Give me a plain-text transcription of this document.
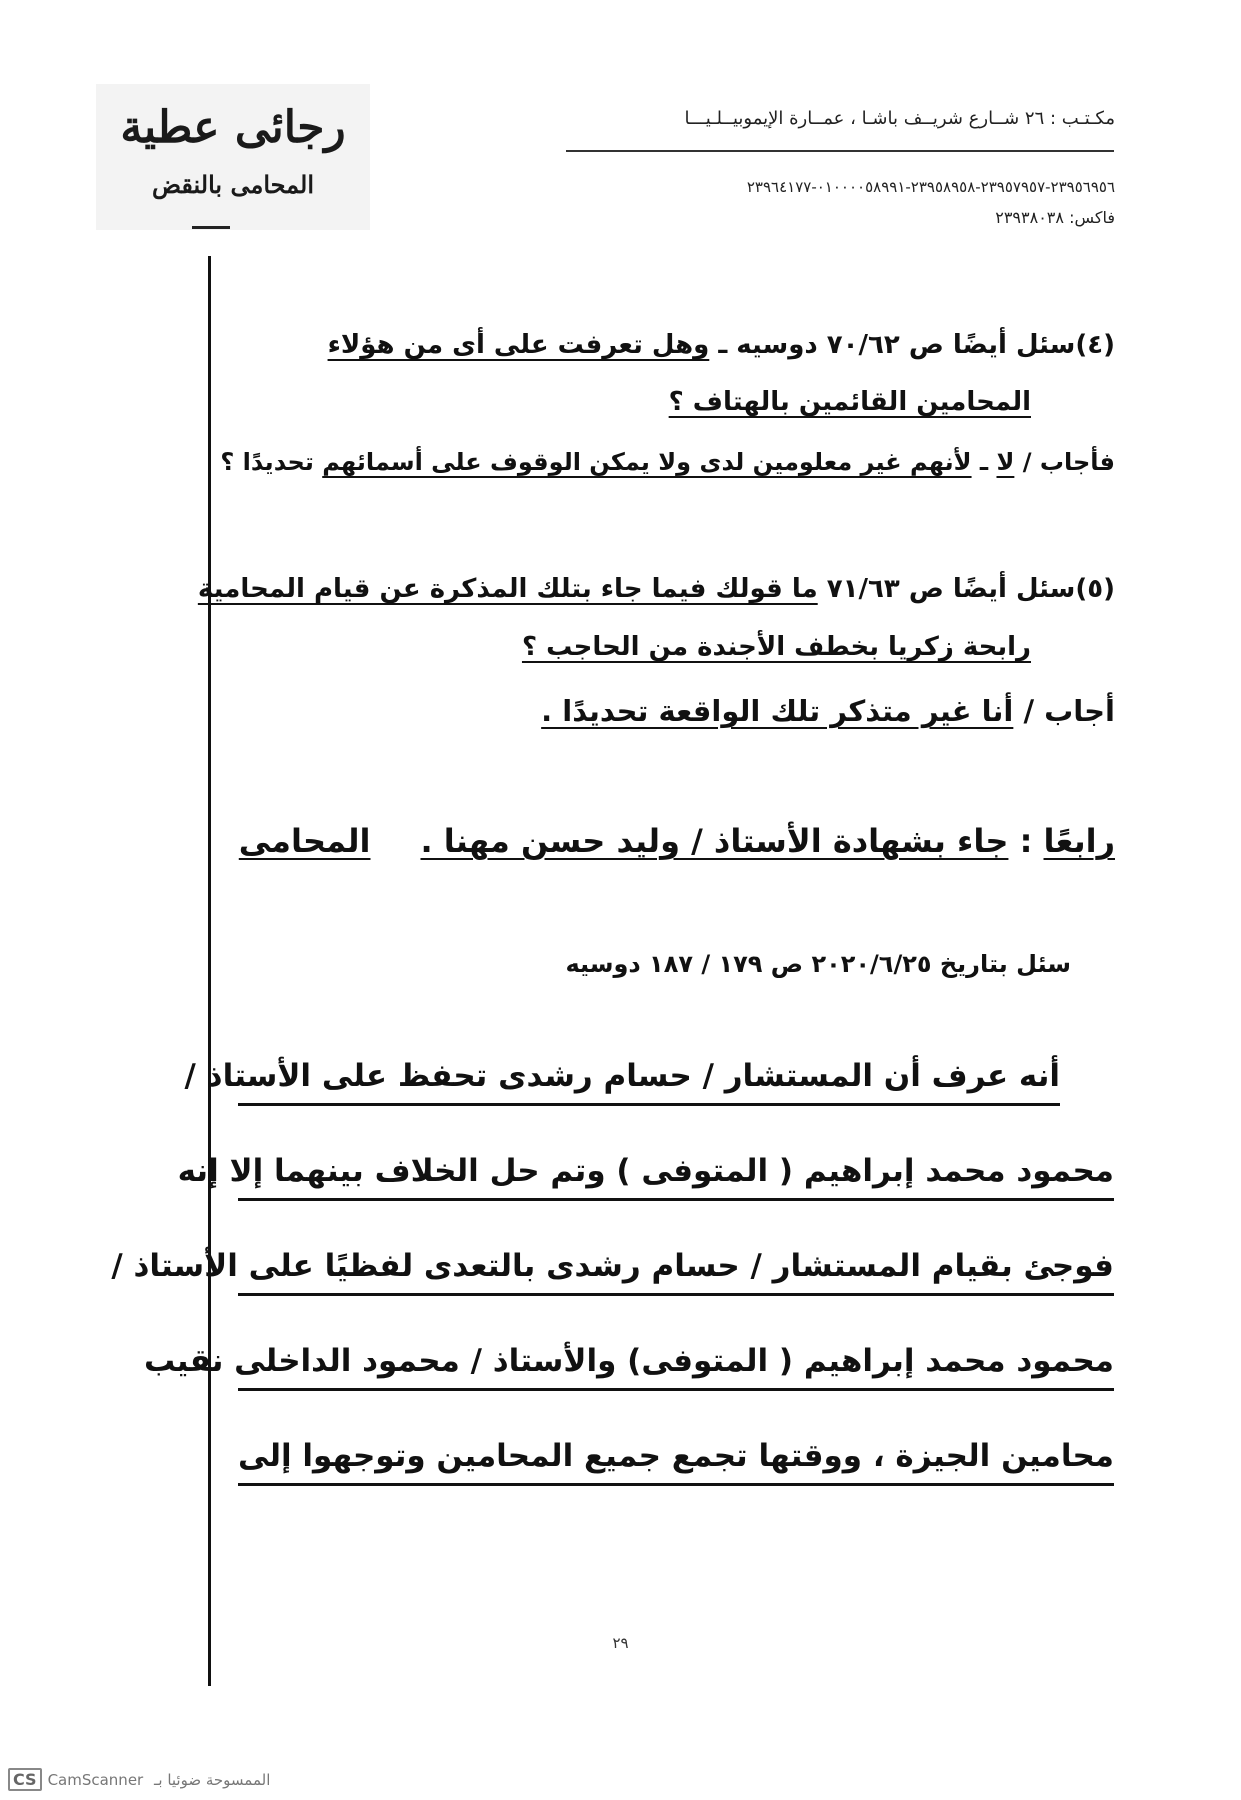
رجائى عطية
المحامى بالنقض
مكـتـب : ٢٦ شــارع شريــف باشـا ، عمــارة الإيموبيــلـيـــا
٢٣٩٥٦٩٥٦-٢٣٩٥٧٩٥٧-٢٣٩٥٨٩٥٨-٠١٠٠٠٠٥٨٩٩١-٢٣٩٦٤١٧٧
فاكس: ٢٣٩٣٨٠٣٨
(٤)سئل أيضًا ص ٧٠/٦٢ دوسيه ـ وهل تعرفت على أى من هؤلاء
المحامين القائمين بالهتاف ؟
فأجاب / لا ـ لأنهم غير معلومين لدى ولا يمكن الوقوف على أسمائهم تحديدًا ؟
(٥)سئل أيضًا ص ٧١/٦٣ ما قولك فيما جاء بتلك المذكرة عن قيام المحامية
رابحة زكريا بخطف الأجندة من الحاجب ؟
أجاب / أنا غير متذكر تلك الواقعة تحديدًا .
رابعًا : جاء بشهادة الأستاذ / وليد حسن مهنا .المحامى
سئل بتاريخ ٢٠٢٠/٦/٢٥ ص ١٧٩ / ١٨٧ دوسيه
أنه عرف أن المستشار / حسام رشدى تحفظ على الأستاذ /
محمود محمد إبراهيم ( المتوفى ) وتم حل الخلاف بينهما إلا إنه
فوجئ بقيام المستشار / حسام رشدى بالتعدى لفظيًا على الأستاذ /
محمود محمد إبراهيم ( المتوفى) والأستاذ / محمود الداخلى نقيب
محامين الجيزة ، ووقتها تجمع جميع المحامين وتوجهوا إلى
٢٩
CS CamScanner الممسوحة ضوئيا بـ
